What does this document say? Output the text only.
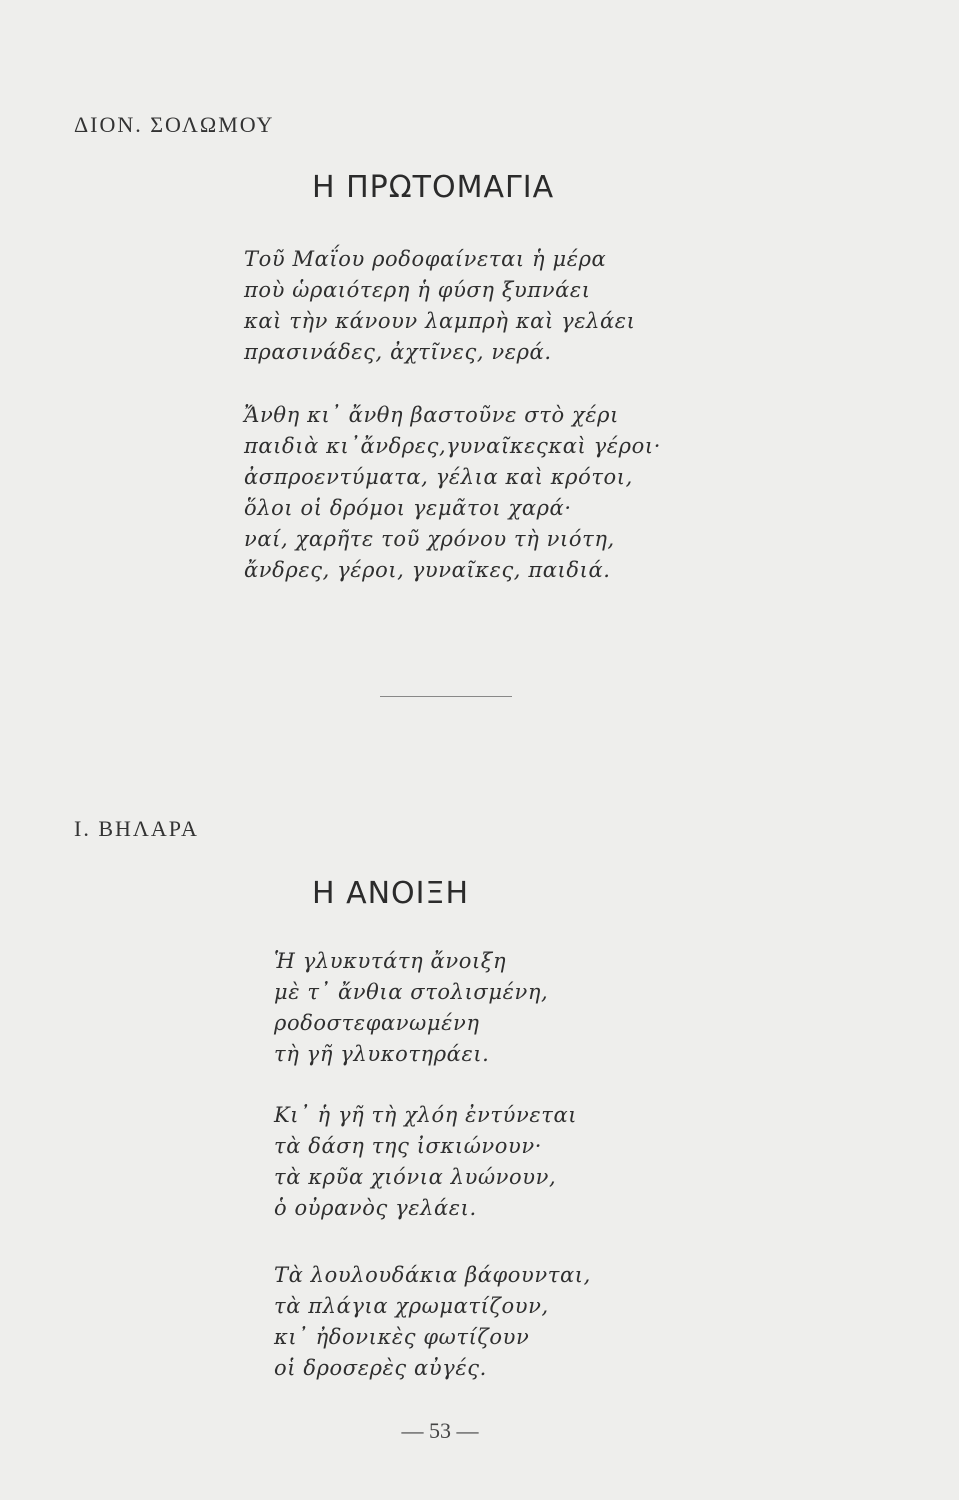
ΔΙΟΝ. ΣΟΛΩΜΟΥ
Η ΠΡΩΤΟΜΑΓΙΑ
Τοῦ Μαΐου ροδοφαίνεται ἡ μέρα
ποὺ ὡραιότερη ἡ φύση ξυπνάει
καὶ τὴν κάνουν λαμπρὴ καὶ γελάει
πρασινάδες, ἀχτῖνες, νερά.
Ἄνθη κι᾽ ἄνθη βαστοῦνε στὸ χέρι
παιδιὰ κι᾽ἄνδρες,γυναῖκεςκαὶ γέροι·
ἀσπροεντύματα, γέλια καὶ κρότοι,
ὅλοι οἱ δρόμοι γεμᾶτοι χαρά·
ναί, χαρῆτε τοῦ χρόνου τὴ νιότη,
ἄνδρες, γέροι, γυναῖκες, παιδιά.
Ι. ΒΗΛΑΡΑ
Η ΑΝΟΙΞΗ
Ἡ γλυκυτάτη ἄνοιξη
μὲ τ᾽ ἄνθια στολισμένη,
ροδοστεφανωμένη
τὴ γῆ γλυκοτηράει.
Κι᾽ ἡ γῆ τὴ χλόη ἐντύνεται
τὰ δάση της ἰσκιώνουν·
τὰ κρῦα χιόνια λυώνουν,
ὁ οὐρανὸς γελάει.
Τὰ λουλουδάκια βάφουνται,
τὰ πλάγια χρωματίζουν,
κι᾽ ἠδονικὲς φωτίζουν
οἱ δροσερὲς αὐγές.
— 53 —
